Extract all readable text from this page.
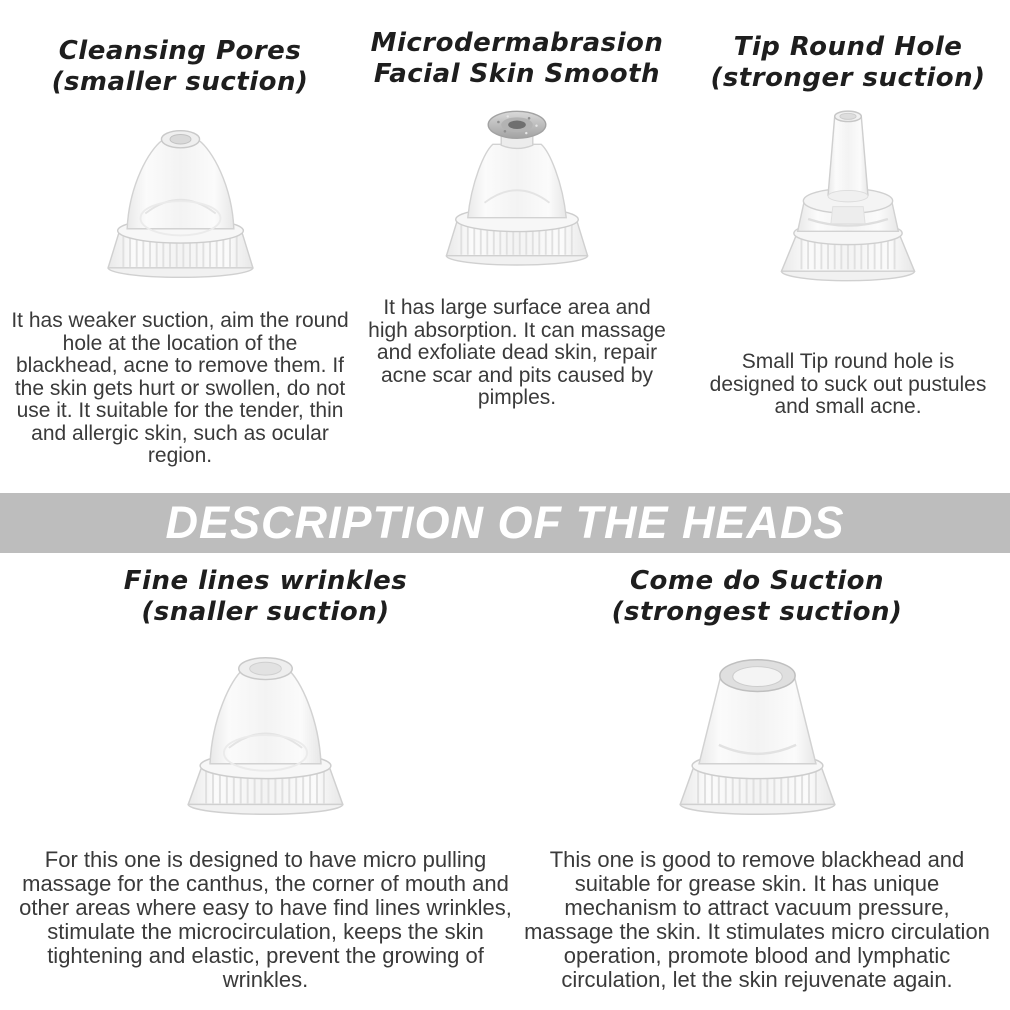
Cleansing Pores
(smaller suction)

It has weaker suction, aim the round hole at the location of the blackhead, acne to remove them. If the skin gets hurt or swollen, do not use it. It suitable for the tender, thin and allergic skin, such as ocular region.

Microdermabrasion
Facial Skin Smooth

It has large surface area and high absorption. It can massage and exfoliate dead skin, repair acne scar and pits caused by pimples.

Tip Round Hole
(stronger suction)

Small Tip round hole is designed to suck out pustules and small acne.

DESCRIPTION OF THE HEADS
Fine lines wrinkles
(snaller suction)

For this one is designed to have micro pulling massage for the canthus, the corner of mouth and other areas where easy to have find lines wrinkles, stimulate the microcirculation, keeps the skin tightening and elastic, prevent the growing of wrinkles.

Come do Suction
(strongest suction)

This one is good to remove blackhead and suitable for grease skin. It has unique mechanism to attract vacuum pressure, massage the skin. It stimulates micro circulation operation, promote blood and lymphatic circulation, let the skin rejuvenate again.
